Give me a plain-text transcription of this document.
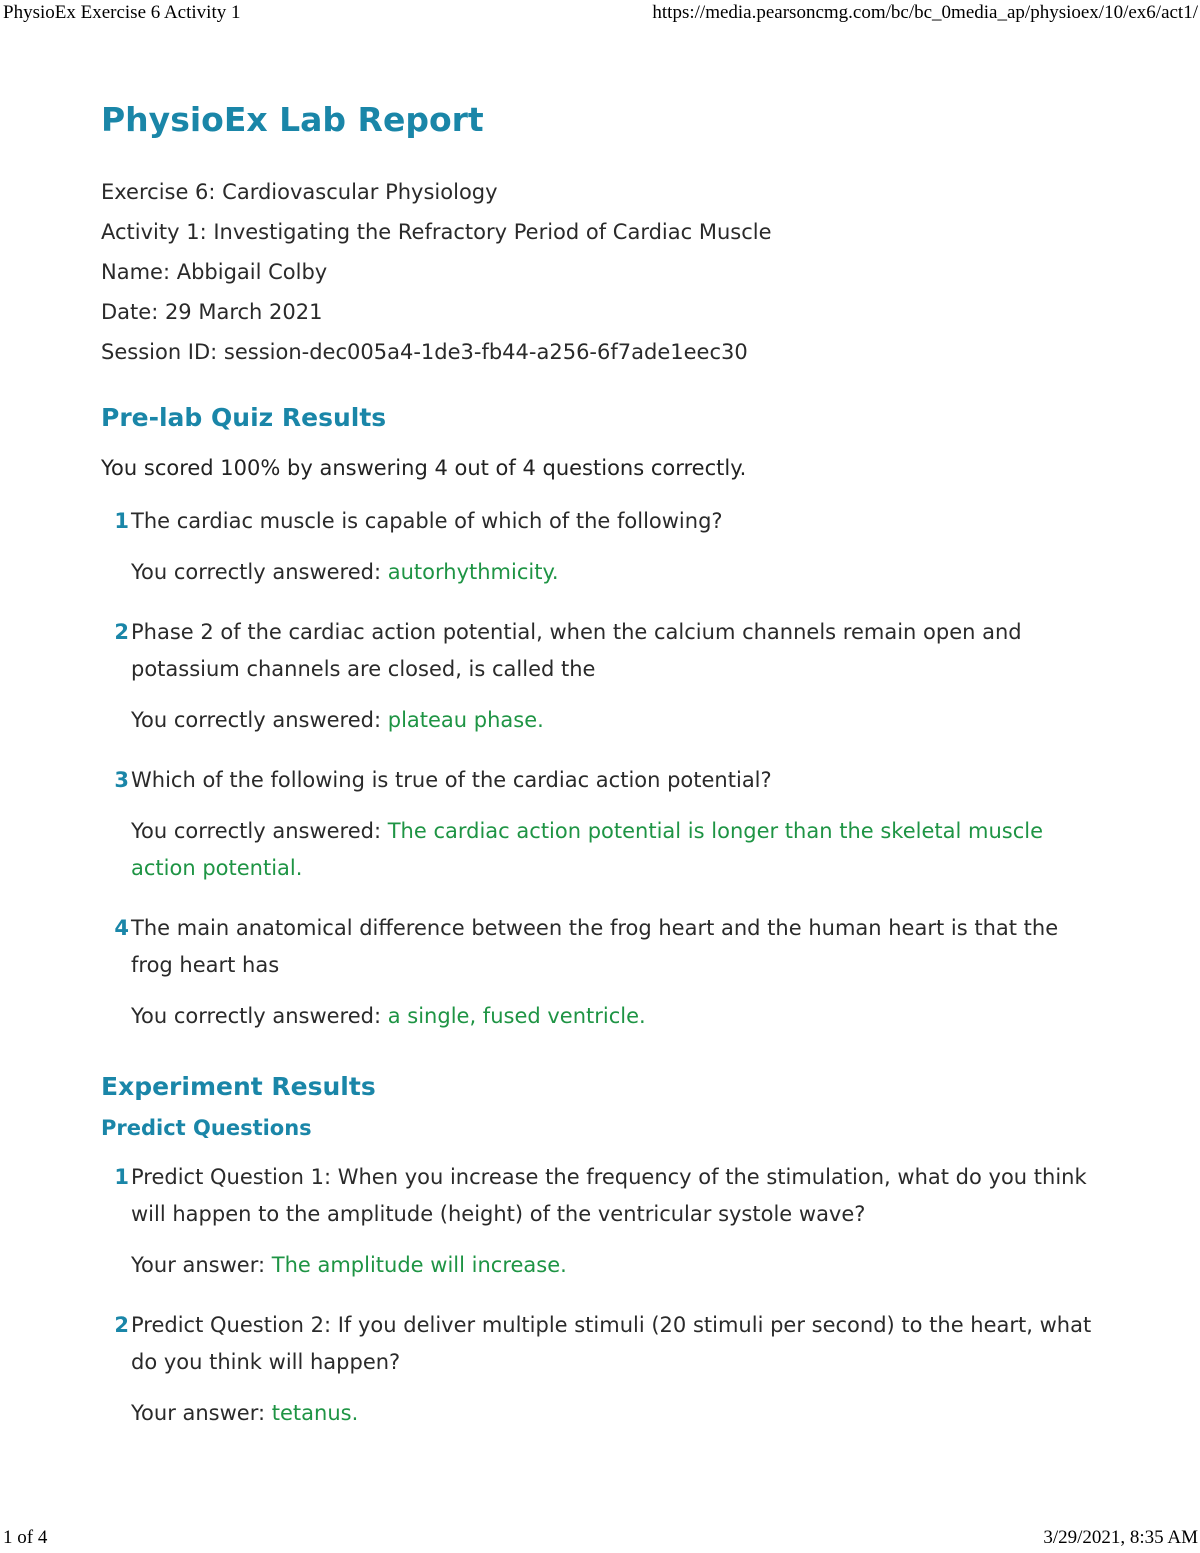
PhysioEx Exercise 6 Activity 1	https://media.pearsoncmg.com/bc/bc_0media_ap/physioex/10/ex6/act1/
PhysioEx Lab Report
Exercise 6: Cardiovascular Physiology
Activity 1: Investigating the Refractory Period of Cardiac Muscle
Name: Abbigail Colby
Date: 29 March 2021
Session ID: session-dec005a4-1de3-fb44-a256-6f7ade1eec30
Pre-lab Quiz Results

You scored 100% by answering 4 out of 4 questions correctly.

1 The cardiac muscle is capable of which of the following?
You correctly answered: autorhythmicity.
2 Phase 2 of the cardiac action potential, when the calcium channels remain open and potassium channels are closed, is called the
You correctly answered: plateau phase.
3 Which of the following is true of the cardiac action potential?
You correctly answered: The cardiac action potential is longer than the skeletal muscle action potential.
4 The main anatomical difference between the frog heart and the human heart is that the frog heart has
You correctly answered: a single, fused ventricle.
Experiment Results
Predict Questions
1 Predict Question 1: When you increase the frequency of the stimulation, what do you think will happen to the amplitude (height) of the ventricular systole wave?
Your answer: The amplitude will increase.
2 Predict Question 2: If you deliver multiple stimuli (20 stimuli per second) to the heart, what do you think will happen?
Your answer: tetanus.
1 of 4	3/29/2021, 8:35 AM
